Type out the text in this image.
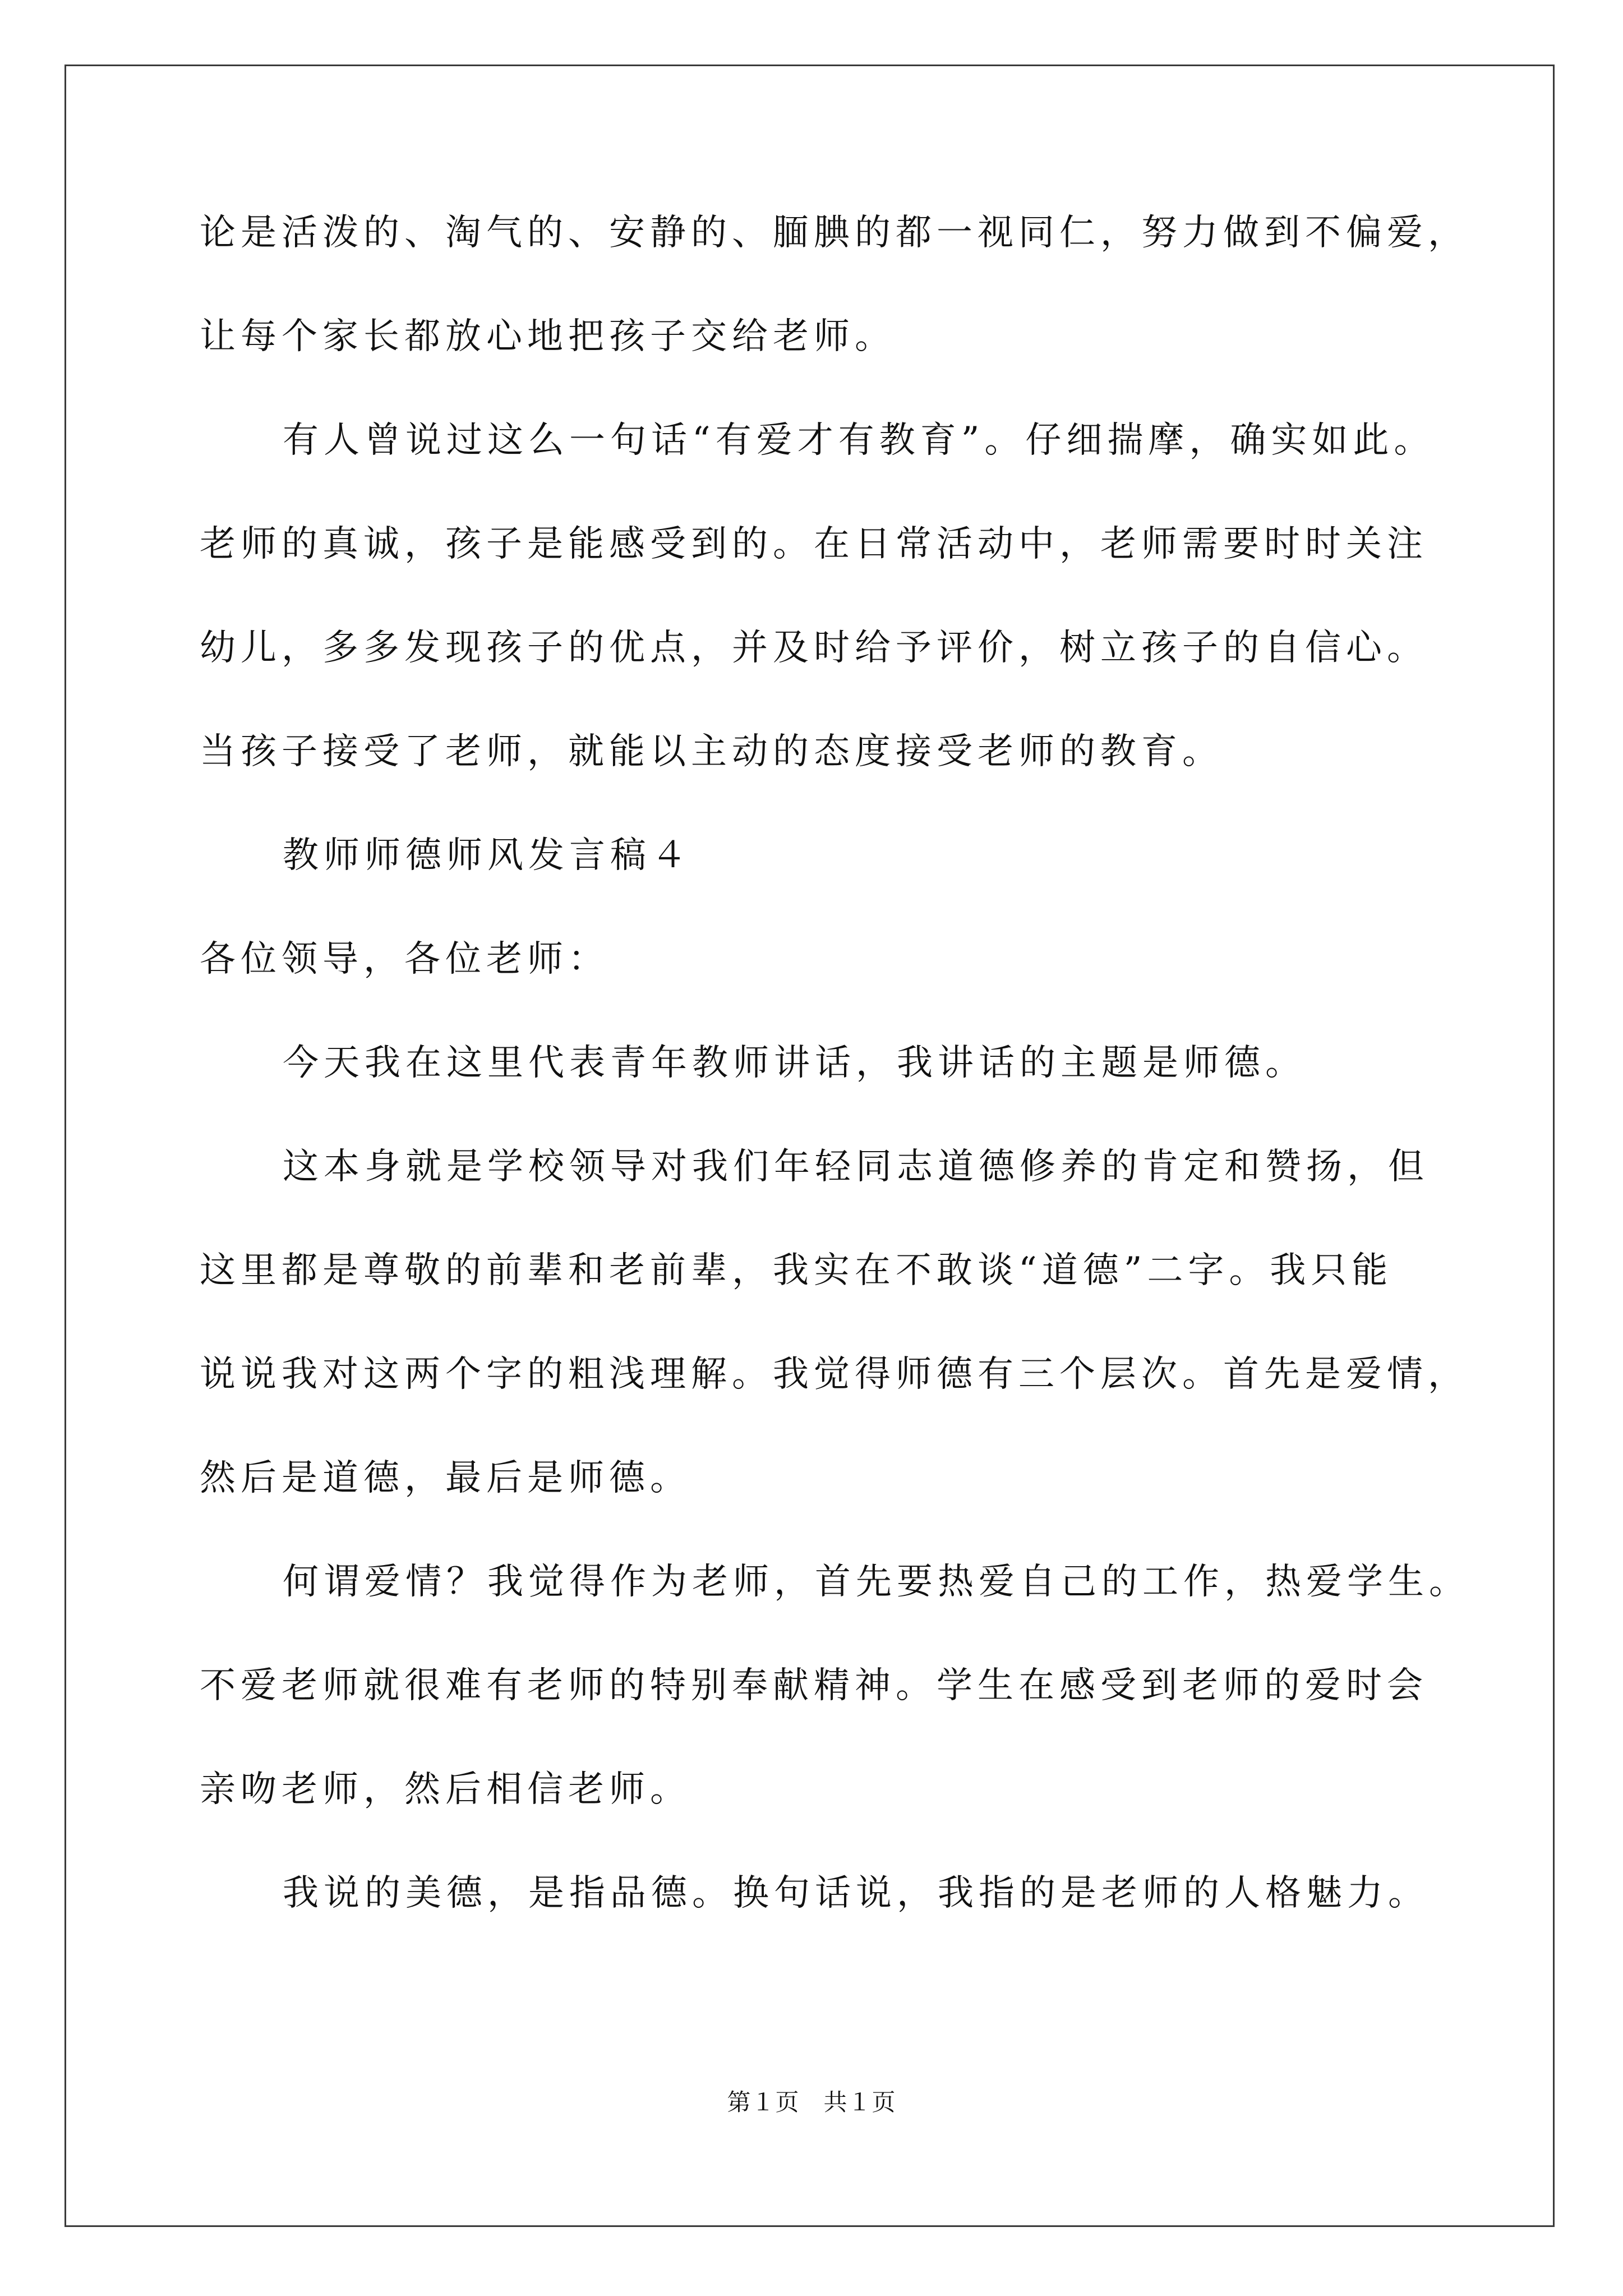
论是活泼的、淘气的、安静的、腼腆的都一视同仁，努力做到不偏爱，
让每个家长都放心地把孩子交给老师。
有人曾说过这么一句话“有爱才有教育”。仔细揣摩，确实如此。
老师的真诚，孩子是能感受到的。在日常活动中，老师需要时时关注
幼儿，多多发现孩子的优点，并及时给予评价，树立孩子的自信心。
当孩子接受了老师，就能以主动的态度接受老师的教育。
教师师德师风发言稿４
各位领导，各位老师：
今天我在这里代表青年教师讲话，我讲话的主题是师德。
这本身就是学校领导对我们年轻同志道德修养的肯定和赞扬，但
这里都是尊敬的前辈和老前辈，我实在不敢谈“道德”二字。我只能
说说我对这两个字的粗浅理解。我觉得师德有三个层次。首先是爱情，
然后是道德，最后是师德。
何谓爱情？我觉得作为老师，首先要热爱自己的工作，热爱学生。
不爱老师就很难有老师的特别奉献精神。学生在感受到老师的爱时会
亲吻老师，然后相信老师。
我说的美德，是指品德。换句话说，我指的是老师的人格魅力。
第１页　共１页
